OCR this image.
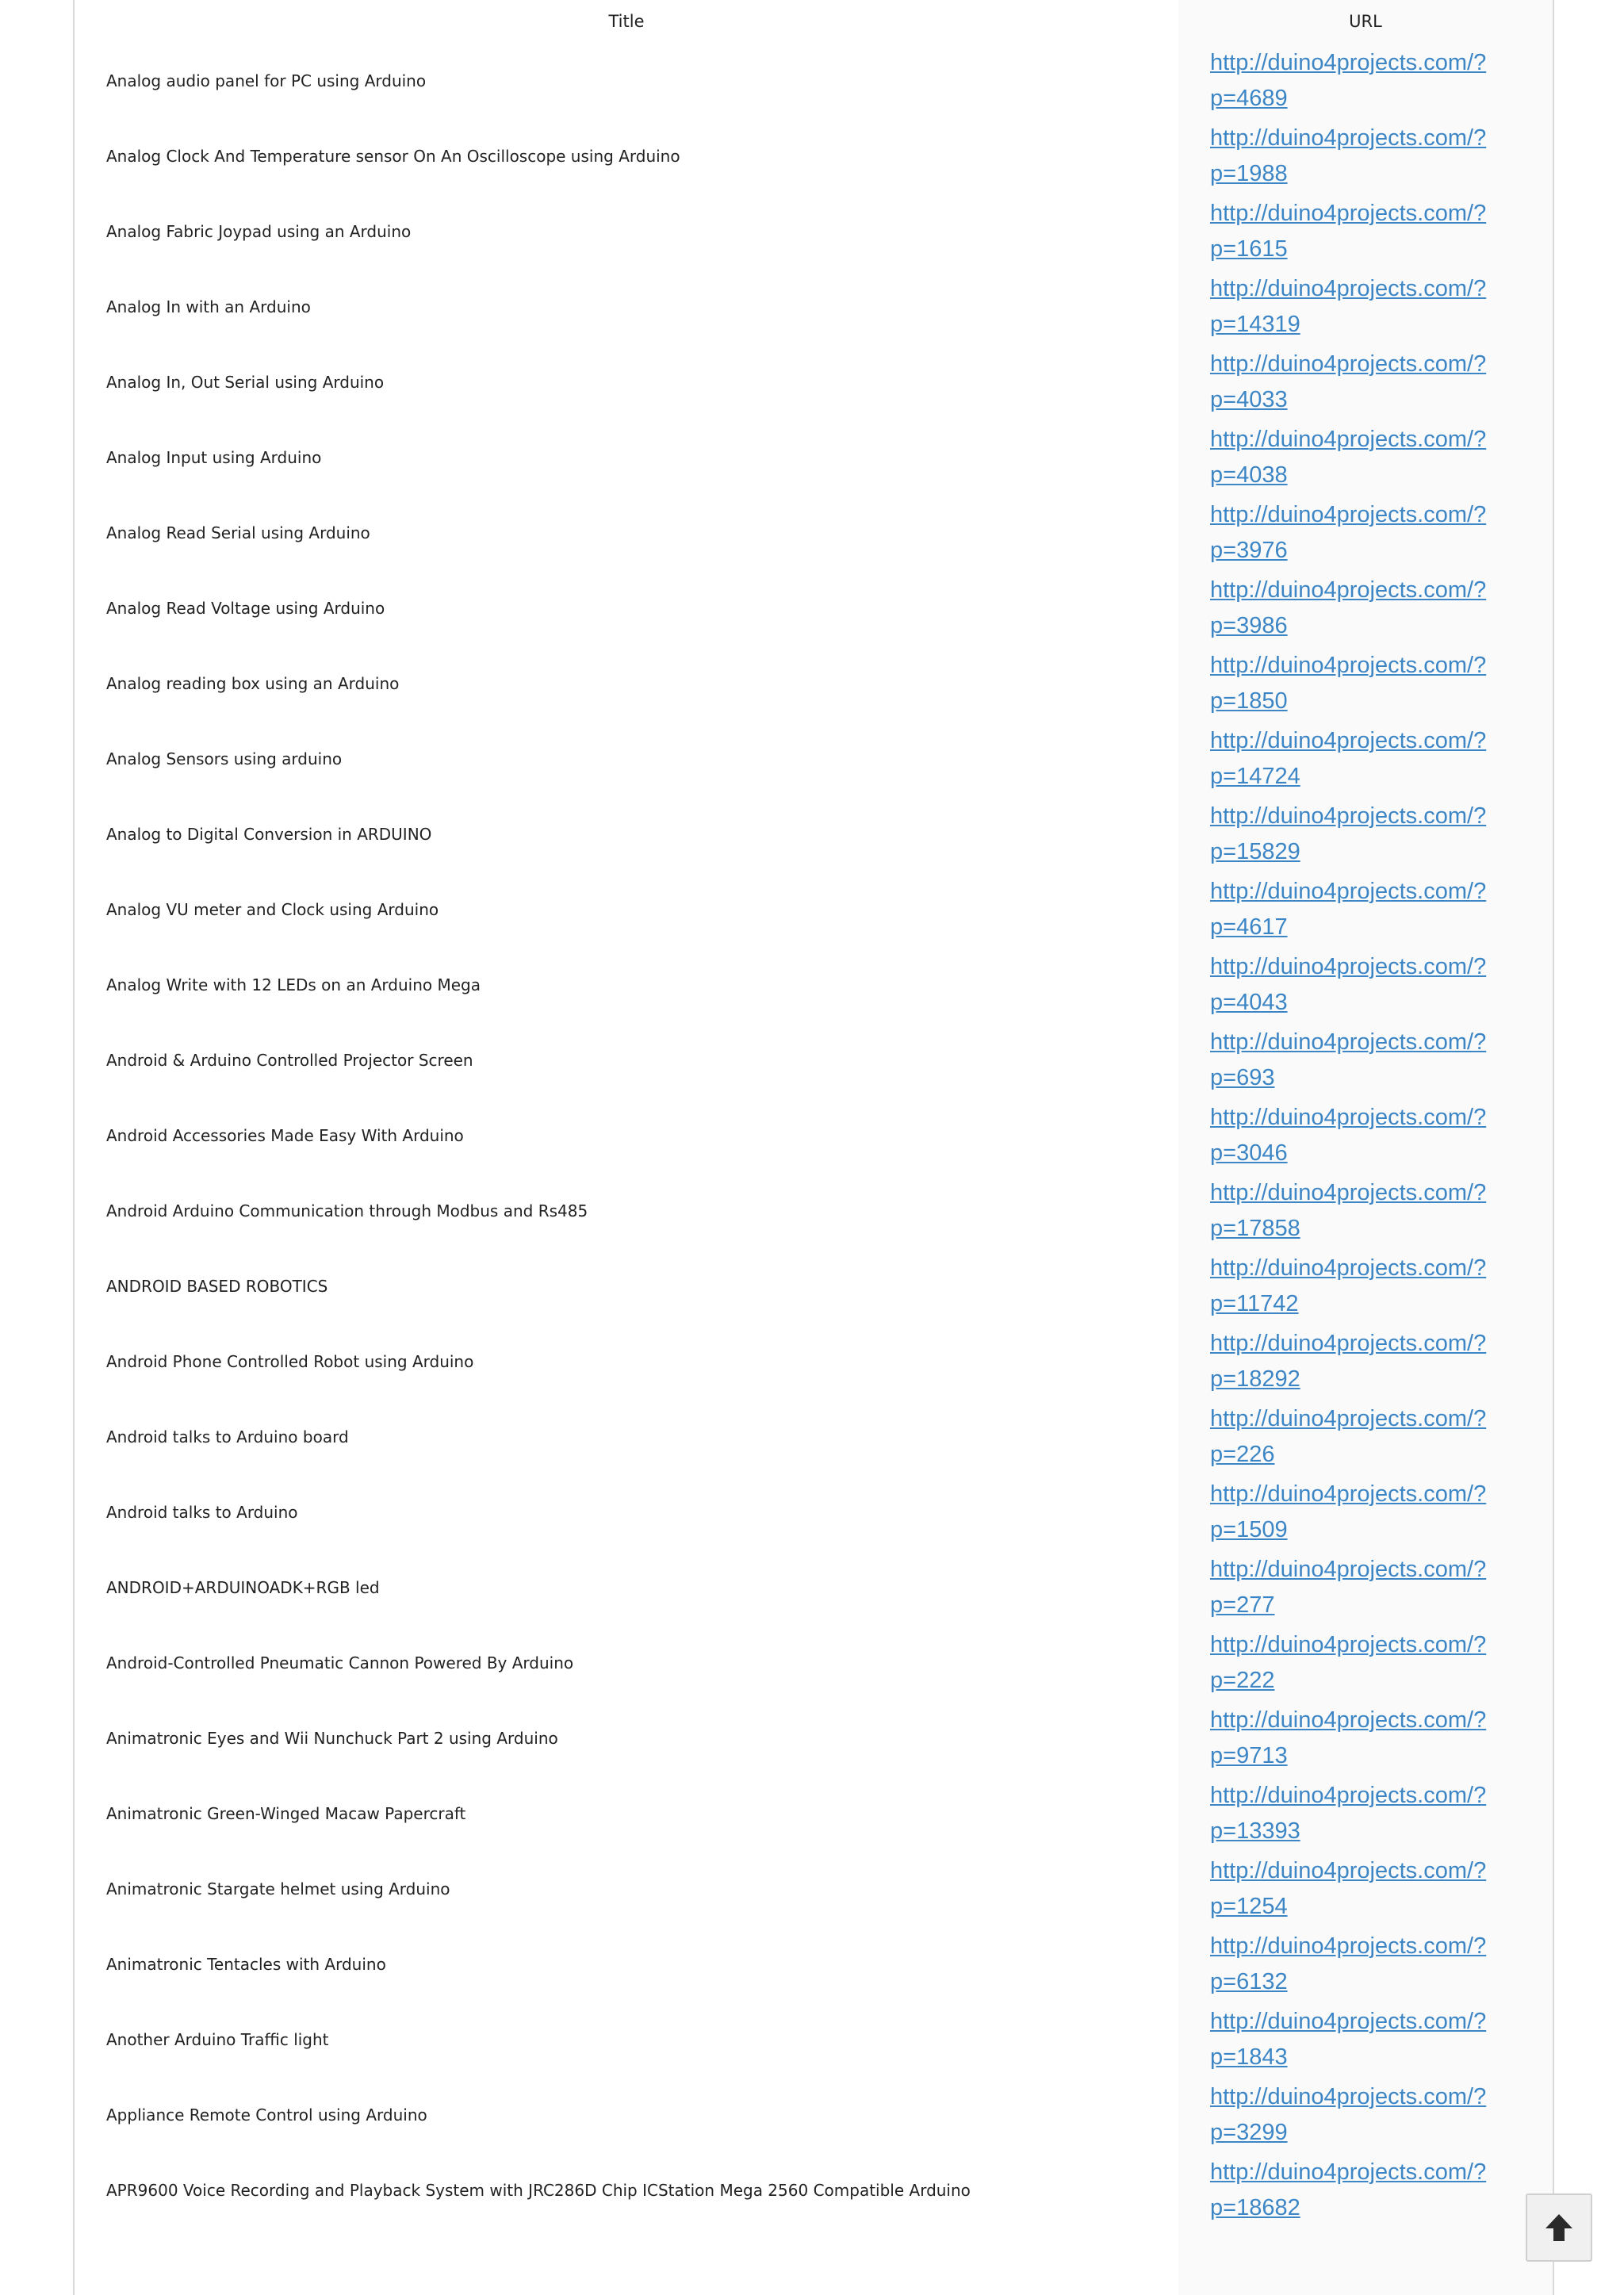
Title	URL
Analog audio panel for PC using Arduino	http://duino4projects.com/?p=4689

Analog Clock And Temperature sensor On An Oscilloscope using Arduino	http://duino4projects.com/?p=1988

Analog Fabric Joypad using an Arduino	http://duino4projects.com/?p=1615

Analog In with an Arduino	http://duino4projects.com/?p=14319

Analog In, Out Serial using Arduino	http://duino4projects.com/?p=4033

Analog Input using Arduino	http://duino4projects.com/?p=4038

Analog Read Serial using Arduino	http://duino4projects.com/?p=3976

Analog Read Voltage using Arduino	http://duino4projects.com/?p=3986

Analog reading box using an Arduino	http://duino4projects.com/?p=1850

Analog Sensors using arduino	http://duino4projects.com/?p=14724

Analog to Digital Conversion in ARDUINO	http://duino4projects.com/?p=15829

Analog VU meter and Clock using Arduino	http://duino4projects.com/?p=4617

Analog Write with 12 LEDs on an Arduino Mega	http://duino4projects.com/?p=4043

Android & Arduino Controlled Projector Screen	http://duino4projects.com/?p=693

Android Accessories Made Easy With Arduino	http://duino4projects.com/?p=3046

Android Arduino Communication through Modbus and Rs485	http://duino4projects.com/?p=17858

ANDROID BASED ROBOTICS	http://duino4projects.com/?p=11742

Android Phone Controlled Robot using Arduino	http://duino4projects.com/?p=18292

Android talks to Arduino board	http://duino4projects.com/?p=226

Android talks to Arduino	http://duino4projects.com/?p=1509

ANDROID+ARDUINOADK+RGB led	http://duino4projects.com/?p=277

Android-Controlled Pneumatic Cannon Powered By Arduino	http://duino4projects.com/?p=222

Animatronic Eyes and Wii Nunchuck Part 2 using Arduino	http://duino4projects.com/?p=9713

Animatronic Green-Winged Macaw Papercraft	http://duino4projects.com/?p=13393

Animatronic Stargate helmet using Arduino	http://duino4projects.com/?p=1254

Animatronic Tentacles with Arduino	http://duino4projects.com/?p=6132

Another Arduino Traffic light	http://duino4projects.com/?p=1843

Appliance Remote Control using Arduino	http://duino4projects.com/?p=3299

APR9600 Voice Recording and Playback System with JRC286D Chip ICStation Mega 2560 Compatible Arduino	http://duino4projects.com/?p=18682
